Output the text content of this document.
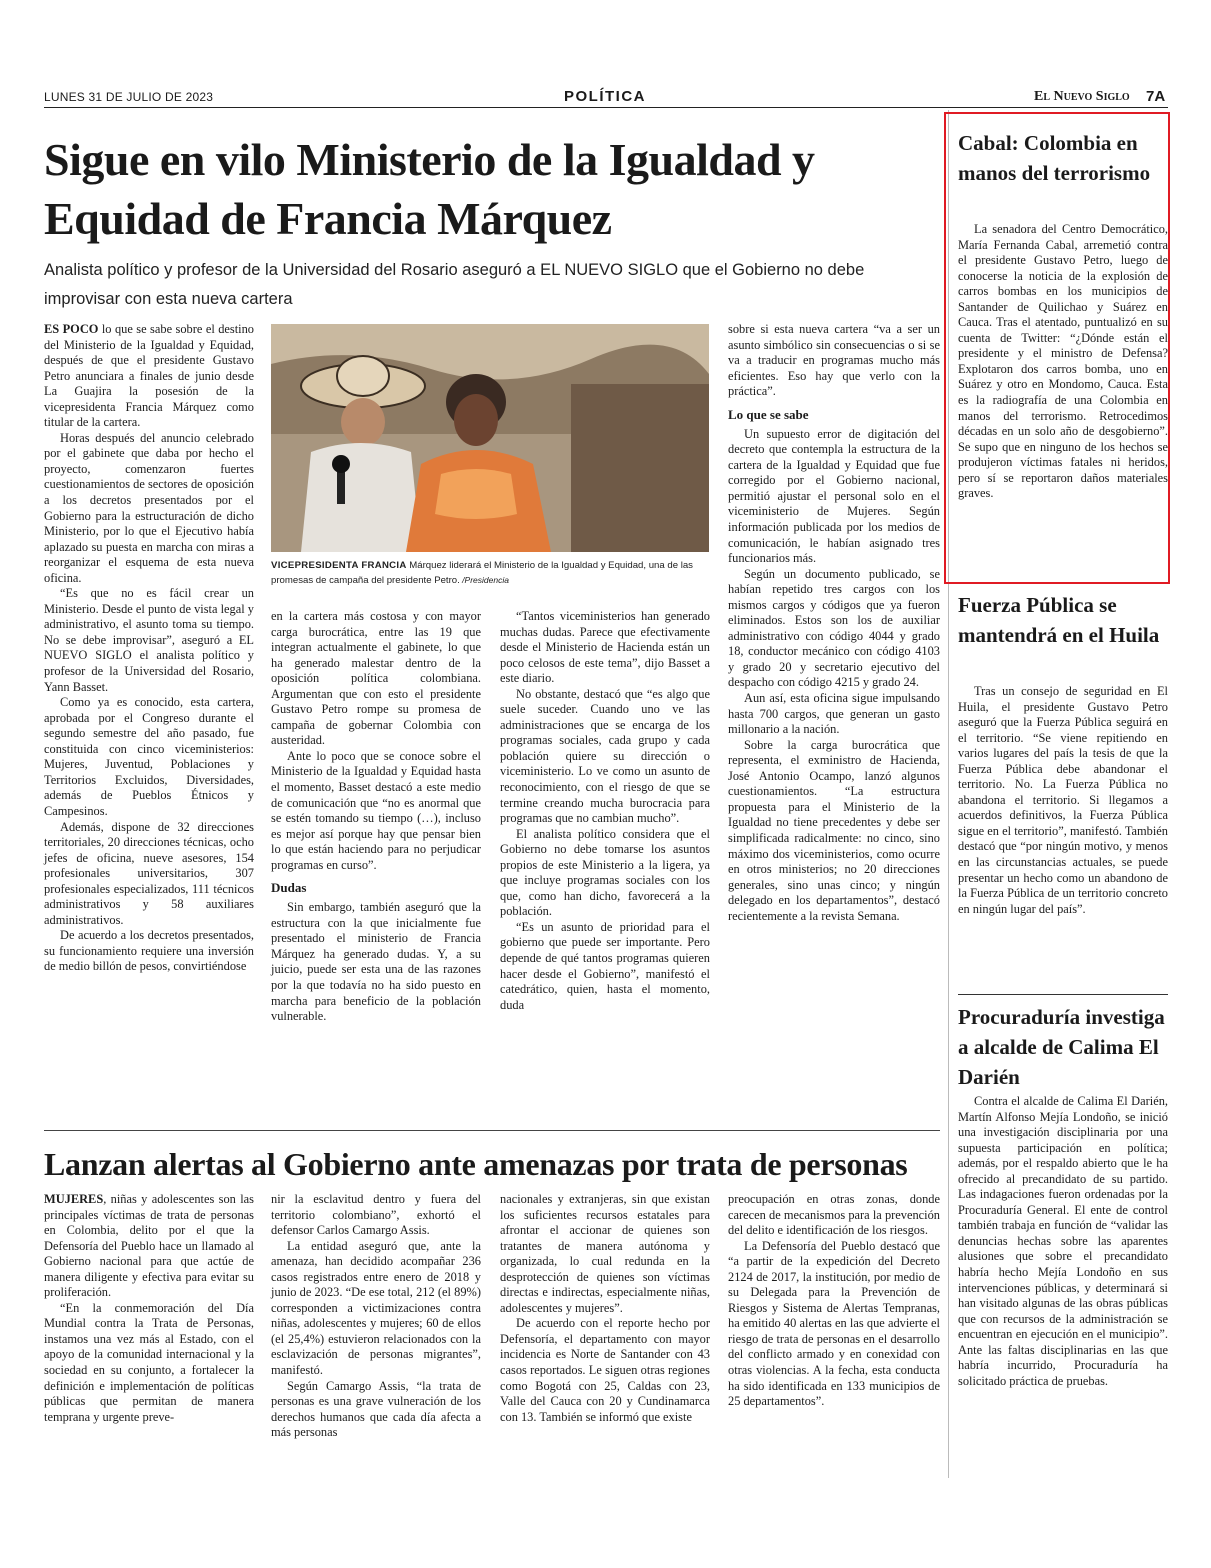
LUNES 31 DE JULIO DE 2023	POLÍTICA	El Nuevo Siglo 7A
Sigue en vilo Ministerio de la Igualdad y Equidad de Francia Márquez
Analista político y profesor de la Universidad del Rosario aseguró a EL NUEVO SIGLO que el Gobierno no debe improvisar con esta nueva cartera

ES POCO lo que se sabe sobre el destino del Ministerio de la Igualdad y Equidad, después de que el presidente Gustavo Petro anunciara a finales de junio desde La Guajira la posesión de la vicepresidenta Francia Márquez como titular de la cartera.

Horas después del anuncio celebrado por el gabinete que daba por hecho el proyecto, comenzaron fuertes cuestionamientos de sectores de oposición a los decretos presentados por el Gobierno para la estructuración de dicho Ministerio, por lo que el Ejecutivo había aplazado su puesta en marcha con miras a reorganizar el esquema de esta nueva oficina.

“Es que no es fácil crear un Ministerio. Desde el punto de vista legal y administrativo, el asunto toma su tiempo. No se debe improvisar”, aseguró a EL NUEVO SIGLO el analista político y profesor de la Universidad del Rosario, Yann Basset.

Como ya es conocido, esta cartera, aprobada por el Congreso durante el segundo semestre del año pasado, fue constituida con cinco viceministerios: Mujeres, Juventud, Poblaciones y Territorios Excluidos, Diversidades, además de Pueblos Étnicos y Campesinos.

Además, dispone de 32 direcciones territoriales, 20 direcciones técnicas, ocho jefes de oficina, nueve asesores, 154 profesionales universitarios, 307 profesionales especializados, 111 técnicos administrativos y 58 auxiliares administrativos.

De acuerdo a los decretos presentados, su funcionamiento requiere una inversión de medio billón de pesos, convirtiéndose

VICEPRESIDENTA FRANCIA Márquez liderará el Ministerio de la Igualdad y Equidad, una de las promesas de campaña del presidente Petro. /Presidencia

en la cartera más costosa y con mayor carga burocrática, entre las 19 que integran actualmente el gabinete, lo que ha generado malestar dentro de la oposición política colombiana. Argumentan que con esto el presidente Gustavo Petro rompe su promesa de campaña de gobernar Colombia con austeridad.

Ante lo poco que se conoce sobre el Ministerio de la Igualdad y Equidad hasta el momento, Basset destacó a este medio de comunicación que “no es anormal que se estén tomando su tiempo (…), incluso es mejor así porque hay que pensar bien lo que están haciendo para no perjudicar programas en curso”.

Dudas

Sin embargo, también aseguró que la estructura con la que inicialmente fue presentado el ministerio de Francia Márquez ha generado dudas. Y, a su juicio, puede ser esta una de las razones por la que todavía no ha sido puesto en marcha para beneficio de la población vulnerable.

“Tantos viceministerios han generado muchas dudas. Parece que efectivamente desde el Ministerio de Hacienda están un poco celosos de este tema”, dijo Basset a este diario.

No obstante, destacó que “es algo que suele suceder. Cuando uno ve las administraciones que se encarga de los programas sociales, cada grupo y cada población quiere su dirección o viceministerio. Lo ve como un asunto de reconocimiento, con el riesgo de que se termine creando mucha burocracia para programas que no cambian mucho”.

El analista político considera que el Gobierno no debe tomarse los asuntos propios de este Ministerio a la ligera, ya que incluye programas sociales con los que, como han dicho, favorecerá a la población.

“Es un asunto de prioridad para el gobierno que puede ser importante. Pero depende de qué tantos programas quieren hacer desde el Gobierno”, manifestó el catedrático, quien, hasta el momento, duda

sobre si esta nueva cartera “va a ser un asunto simbólico sin consecuencias o si se va a traducir en programas mucho más eficientes. Eso hay que verlo con la práctica”.

Lo que se sabe

Un supuesto error de digitación del decreto que contempla la estructura de la cartera de la Igualdad y Equidad que fue corregido por el Gobierno nacional, permitió ajustar el personal solo en el viceministerio de Mujeres. Según información publicada por los medios de comunicación, le habían asignado tres funcionarios más.

Según un documento publicado, se habían repetido tres cargos con los mismos cargos y códigos que ya fueron eliminados. Estos son los de auxiliar administrativo con código 4044 y grado 18, conductor mecánico con código 4103 y grado 20 y secretario ejecutivo del despacho con código 4215 y grado 24.

Aun así, esta oficina sigue impulsando hasta 700 cargos, que generan un gasto millonario a la nación.

Sobre la carga burocrática que representa, el exministro de Hacienda, José Antonio Ocampo, lanzó algunos cuestionamientos. “La estructura propuesta para el Ministerio de la Igualdad no tiene precedentes y debe ser simplificada radicalmente: no cinco, sino máximo dos viceministerios, como ocurre en otros ministerios; no 20 direcciones generales, sino unas cinco; y ningún delegado en los departamentos”, destacó recientemente a la revista Semana.

Lanzan alertas al Gobierno ante amenazas por trata de personas

MUJERES, niñas y adolescentes son las principales víctimas de trata de personas en Colombia, delito por el que la Defensoría del Pueblo hace un llamado al Gobierno nacional para que actúe de manera diligente y efectiva para evitar su proliferación.

“En la conmemoración del Día Mundial contra la Trata de Personas, instamos una vez más al Estado, con el apoyo de la comunidad internacional y la sociedad en su conjunto, a fortalecer la definición e implementación de políticas públicas que permitan de manera temprana y urgente preve-

nir la esclavitud dentro y fuera del territorio colombiano”, exhortó el defensor Carlos Camargo Assis.

La entidad aseguró que, ante la amenaza, han decidido acompañar 236 casos registrados entre enero de 2018 y junio de 2023. “De ese total, 212 (el 89%) corresponden a victimizaciones contra niñas, adolescentes y mujeres; 60 de ellos (el 25,4%) estuvieron relacionados con la esclavización de personas migrantes”, manifestó.

Según Camargo Assis, “la trata de personas es una grave vulneración de los derechos humanos que cada día afecta a más personas

nacionales y extranjeras, sin que existan los suficientes recursos estatales para afrontar el accionar de quienes son tratantes de manera autónoma y organizada, lo cual redunda en la desprotección de quienes son víctimas directas e indirectas, especialmente niñas, adolescentes y mujeres”.

De acuerdo con el reporte hecho por Defensoría, el departamento con mayor incidencia es Norte de Santander con 43 casos reportados. Le siguen otras regiones como Bogotá con 25, Caldas con 23, Valle del Cauca con 20 y Cundinamarca con 13. También se informó que existe

preocupación en otras zonas, donde carecen de mecanismos para la prevención del delito e identificación de los riesgos.

La Defensoría del Pueblo destacó que “a partir de la expedición del Decreto 2124 de 2017, la institución, por medio de su Delegada para la Prevención de Riesgos y Sistema de Alertas Tempranas, ha emitido 40 alertas en las que advierte el riesgo de trata de personas en el desarrollo del conflicto armado y en conexidad con otras violencias. A la fecha, esta conducta ha sido identificada en 133 municipios de 25 departamentos”.

Cabal: Colombia en manos del terrorismo

La senadora del Centro Democrático, María Fernanda Cabal, arremetió contra el presidente Gustavo Petro, luego de conocerse la noticia de la explosión de carros bombas en los municipios de Santander de Quilichao y Suárez en Cauca. Tras el atentado, puntualizó en su cuenta de Twitter: “¿Dónde están el presidente y el ministro de Defensa? Explotaron dos carros bomba, uno en Suárez y otro en Mondomo, Cauca. Esta es la radiografía de una Colombia en manos del terrorismo. Retrocedimos décadas en un solo año de desgobierno”. Se supo que en ninguno de los hechos se produjeron víctimas fatales ni heridos, pero sí se reportaron daños materiales graves.

Fuerza Pública se mantendrá en el Huila

Tras un consejo de seguridad en El Huila, el presidente Gustavo Petro aseguró que la Fuerza Pública seguirá en el territorio. “Se viene repitiendo en varios lugares del país la tesis de que la Fuerza Pública debe abandonar el territorio. No. La Fuerza Pública no abandona el territorio. Si llegamos a acuerdos definitivos, la Fuerza Pública sigue en el territorio”, manifestó. También destacó que “por ningún motivo, y menos en las circunstancias actuales, se puede presentar un hecho como un abandono de la Fuerza Pública de un territorio concreto en ningún lugar del país”.

Procuraduría investiga a alcalde de Calima El Darién

Contra el alcalde de Calima El Darién, Martín Alfonso Mejía Londoño, se inició una investigación disciplinaria por una supuesta participación en política; además, por el respaldo abierto que le ha ofrecido al precandidato de su partido. Las indagaciones fueron ordenadas por la Procuraduría General. El ente de control también trabaja en función de “validar las denuncias hechas sobre las aparentes alusiones que sobre el precandidato habría hecho Mejía Londoño en sus intervenciones públicas, y determinará si han visitado algunas de las obras públicas que con recursos de la administración se encuentran en ejecución en el municipio”. Ante las faltas disciplinarias en las que habría incurrido, Procuraduría ha solicitado práctica de pruebas.
